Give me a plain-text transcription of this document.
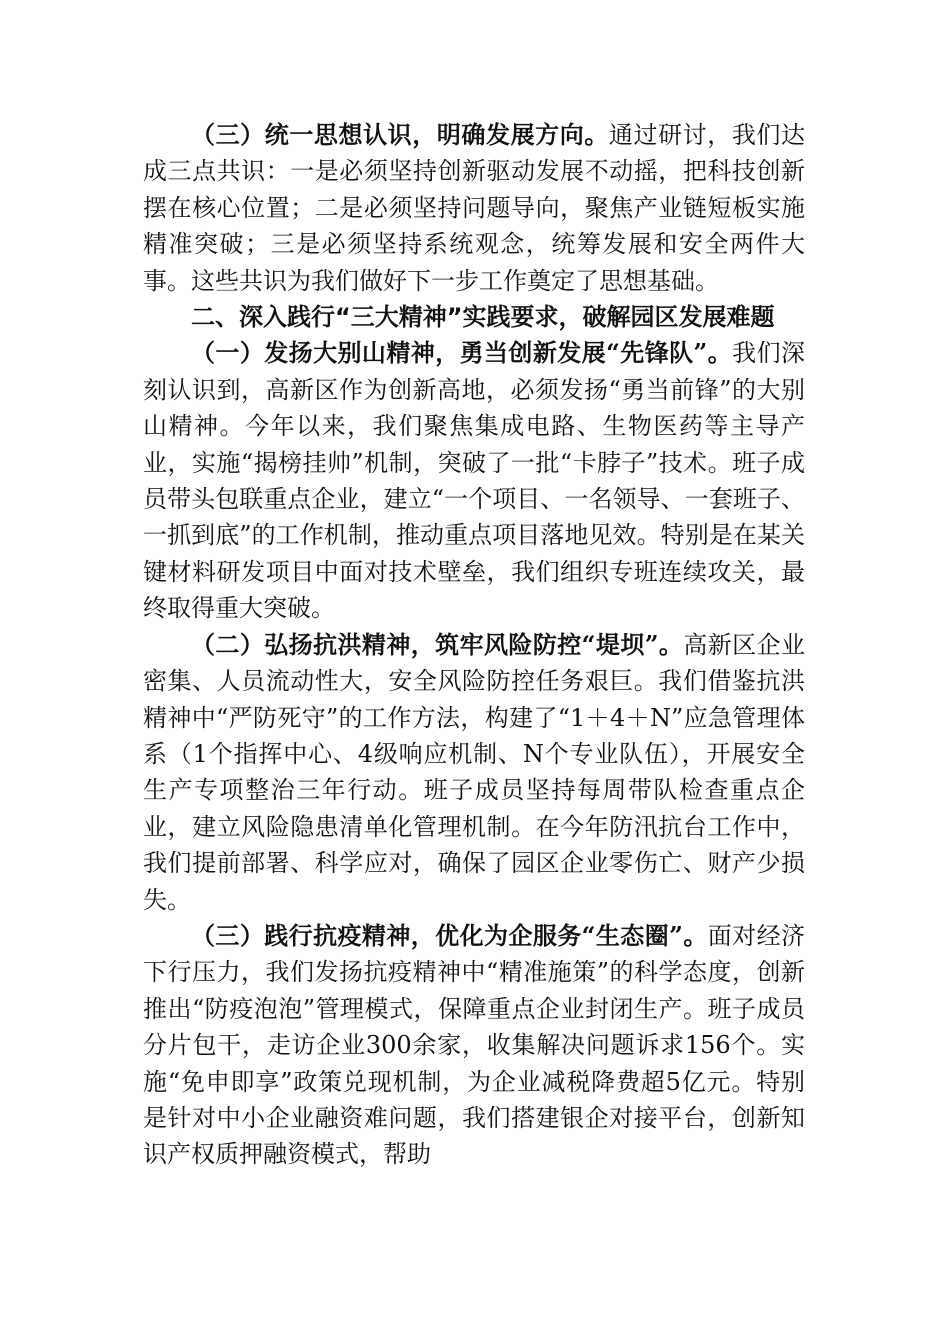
（三）统一思想认识，明确发展方向。通过研讨，我们达成三点共识：一是必须坚持创新驱动发展不动摇，把科技创新摆在核心位置；二是必须坚持问题导向，聚焦产业链短板实施精准突破；三是必须坚持系统观念，统筹发展和安全两件大事。这些共识为我们做好下一步工作奠定了思想基础。

二、深入践行“三大精神”实践要求，破解园区发展难题

（一）发扬大别山精神，勇当创新发展“先锋队”。我们深刻认识到，高新区作为创新高地，必须发扬“勇当前锋”的大别山精神。今年以来，我们聚焦集成电路、生物医药等主导产业，实施“揭榜挂帅”机制，突破了一批“卡脖子”技术。班子成员带头包联重点企业，建立“一个项目、一名领导、一套班子、一抓到底”的工作机制，推动重点项目落地见效。特别是在某关键材料研发项目中面对技术壁垒，我们组织专班连续攻关，最终取得重大突破。

（二）弘扬抗洪精神，筑牢风险防控“堤坝”。高新区企业密集、人员流动性大，安全风险防控任务艰巨。我们借鉴抗洪精神中“严防死守”的工作方法，构建了“1＋4＋N”应急管理体系（1个指挥中心、4级响应机制、N个专业队伍），开展安全生产专项整治三年行动。班子成员坚持每周带队检查重点企业，建立风险隐患清单化管理机制。在今年防汛抗台工作中，我们提前部署、科学应对，确保了园区企业零伤亡、财产少损失。

（三）践行抗疫精神，优化为企服务“生态圈”。面对经济下行压力，我们发扬抗疫精神中“精准施策”的科学态度，创新推出“防疫泡泡”管理模式，保障重点企业封闭生产。班子成员分片包干，走访企业300余家，收集解决问题诉求156个。实施“免申即享”政策兑现机制，为企业减税降费超5亿元。特别是针对中小企业融资难问题，我们搭建银企对接平台，创新知识产权质押融资模式，帮助
